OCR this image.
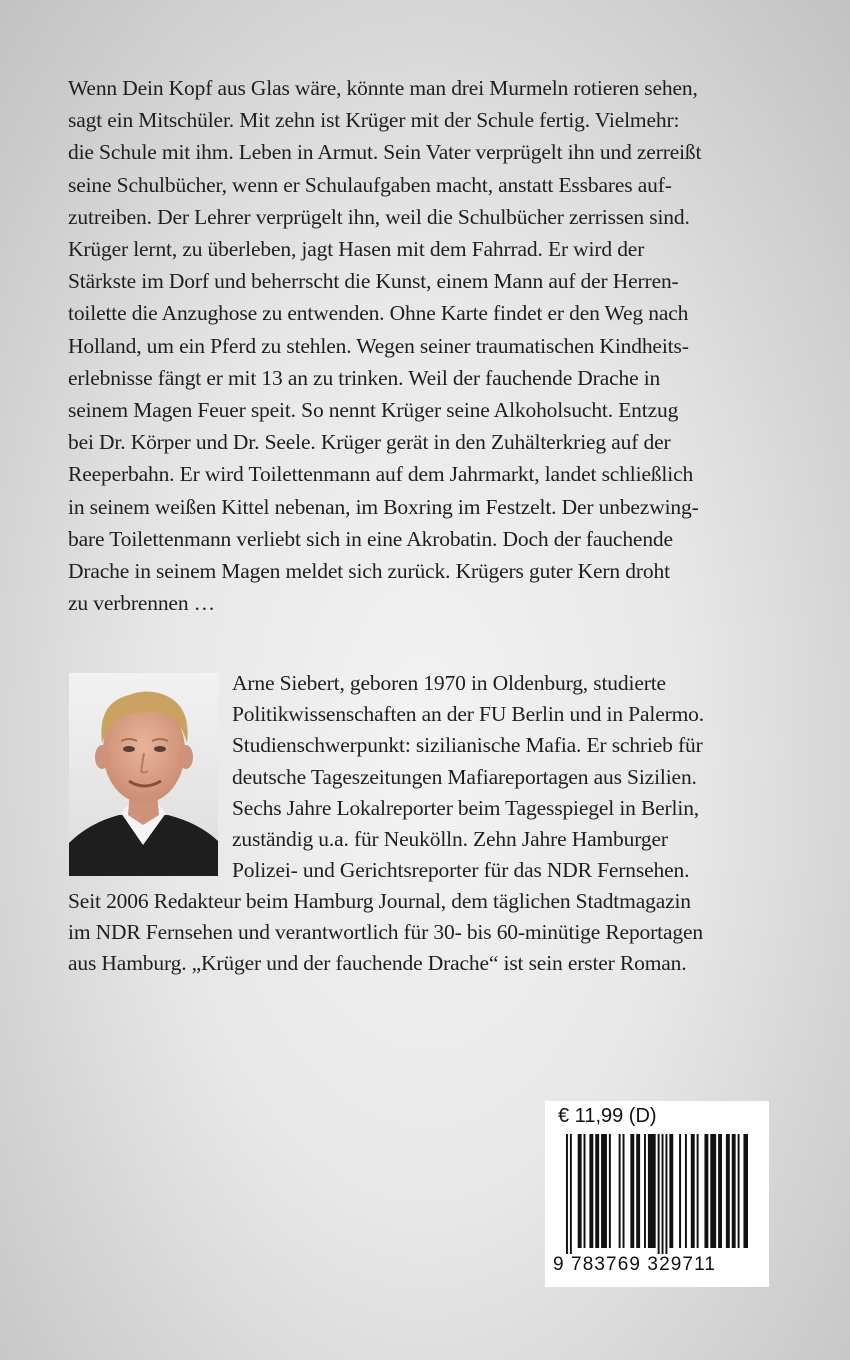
Wenn Dein Kopf aus Glas wäre, könnte man drei Murmeln rotieren sehen,
sagt ein Mitschüler. Mit zehn ist Krüger mit der Schule fertig. Vielmehr:
die Schule mit ihm. Leben in Armut. Sein Vater verprügelt ihn und zerreißt
seine Schulbücher, wenn er Schulaufgaben macht, anstatt Essbares auf-
zutreiben. Der Lehrer verprügelt ihn, weil die Schulbücher zerrissen sind.
Krüger lernt, zu überleben, jagt Hasen mit dem Fahrrad. Er wird der
Stärkste im Dorf und beherrscht die Kunst, einem Mann auf der Herren-
toilette die Anzughose zu entwenden. Ohne Karte findet er den Weg nach
Holland, um ein Pferd zu stehlen. Wegen seiner traumatischen Kindheits-
erlebnisse fängt er mit 13 an zu trinken. Weil der fauchende Drache in
seinem Magen Feuer speit. So nennt Krüger seine Alkoholsucht. Entzug
bei Dr. Körper und Dr. Seele. Krüger gerät in den Zuhälterkrieg auf der
Reeperbahn. Er wird Toilettenmann auf dem Jahrmarkt, landet schließlich
in seinem weißen Kittel nebenan, im Boxring im Festzelt. Der unbezwing-
bare Toilettenmann verliebt sich in eine Akrobatin. Doch der fauchende
Drache in seinem Magen meldet sich zurück. Krügers guter Kern droht
zu verbrennen …
Arne Siebert, geboren 1970 in Oldenburg, studierte
Politikwissenschaften an der FU Berlin und in Palermo.
Studienschwerpunkt: sizilianische Mafia. Er schrieb für
deutsche Tageszeitungen Mafiareportagen aus Sizilien.
Sechs Jahre Lokalreporter beim Tagesspiegel in Berlin,
zuständig u.a. für Neukölln. Zehn Jahre Hamburger
Polizei- und Gerichtsreporter für das NDR Fernsehen.
Seit 2006 Redakteur beim Hamburg Journal, dem täglichen Stadtmagazin
im NDR Fernsehen und verantwortlich für 30- bis 60-minütige Reportagen
aus Hamburg. „Krüger und der fauchende Drache“ ist sein erster Roman.
€ 11,99 (D)
9 783769 329711
